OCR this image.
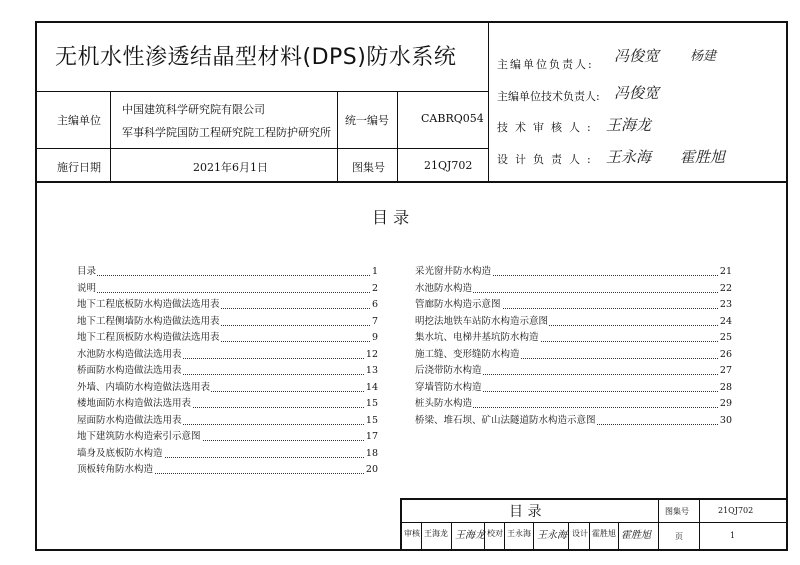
无机水性渗透结晶型材料(DPS)防水系统
主编单位
中国建筑科学研究院有限公司
军事科学院国防工程研究院工程防护研究所
统一编号	CABRQ054
施行日期	2021年6月1日	图集号	21QJ702
主编单位负责人: 冯俊宽 杨建
主编单位技术负责人: 冯俊宽
技术审核人: 王海龙
设计负责人: 王永海 霍胜旭
目 录
目录	1
说明	2
地下工程底板防水构造做法选用表	6
地下工程侧墙防水构造做法选用表	7
地下工程顶板防水构造做法选用表	9
水池防水构造做法选用表	12
桥面防水构造做法选用表	13
外墙、内墙防水构造做法选用表	14
楼地面防水构造做法选用表	15
屋面防水构造做法选用表	15
地下建筑防水构造索引示意图	17
墙身及底板防水构造	18
顶板转角防水构造	20
采光窗井防水构造	21
水池防水构造	22
管廊防水构造示意图	23
明挖法地铁车站防水构造示意图	24
集水坑、电梯井基坑防水构造	25
施工缝、变形缝防水构造	26
后浇带防水构造	27
穿墙管防水构造	28
桩头防水构造	29
桥梁、堆石坝、矿山法隧道防水构造示意图	30
目 录	图集号	21QJ702
审核 王海龙 王海龙 校对 王永海 王永海 设计 霍胜旭 霍胜旭	页	1
